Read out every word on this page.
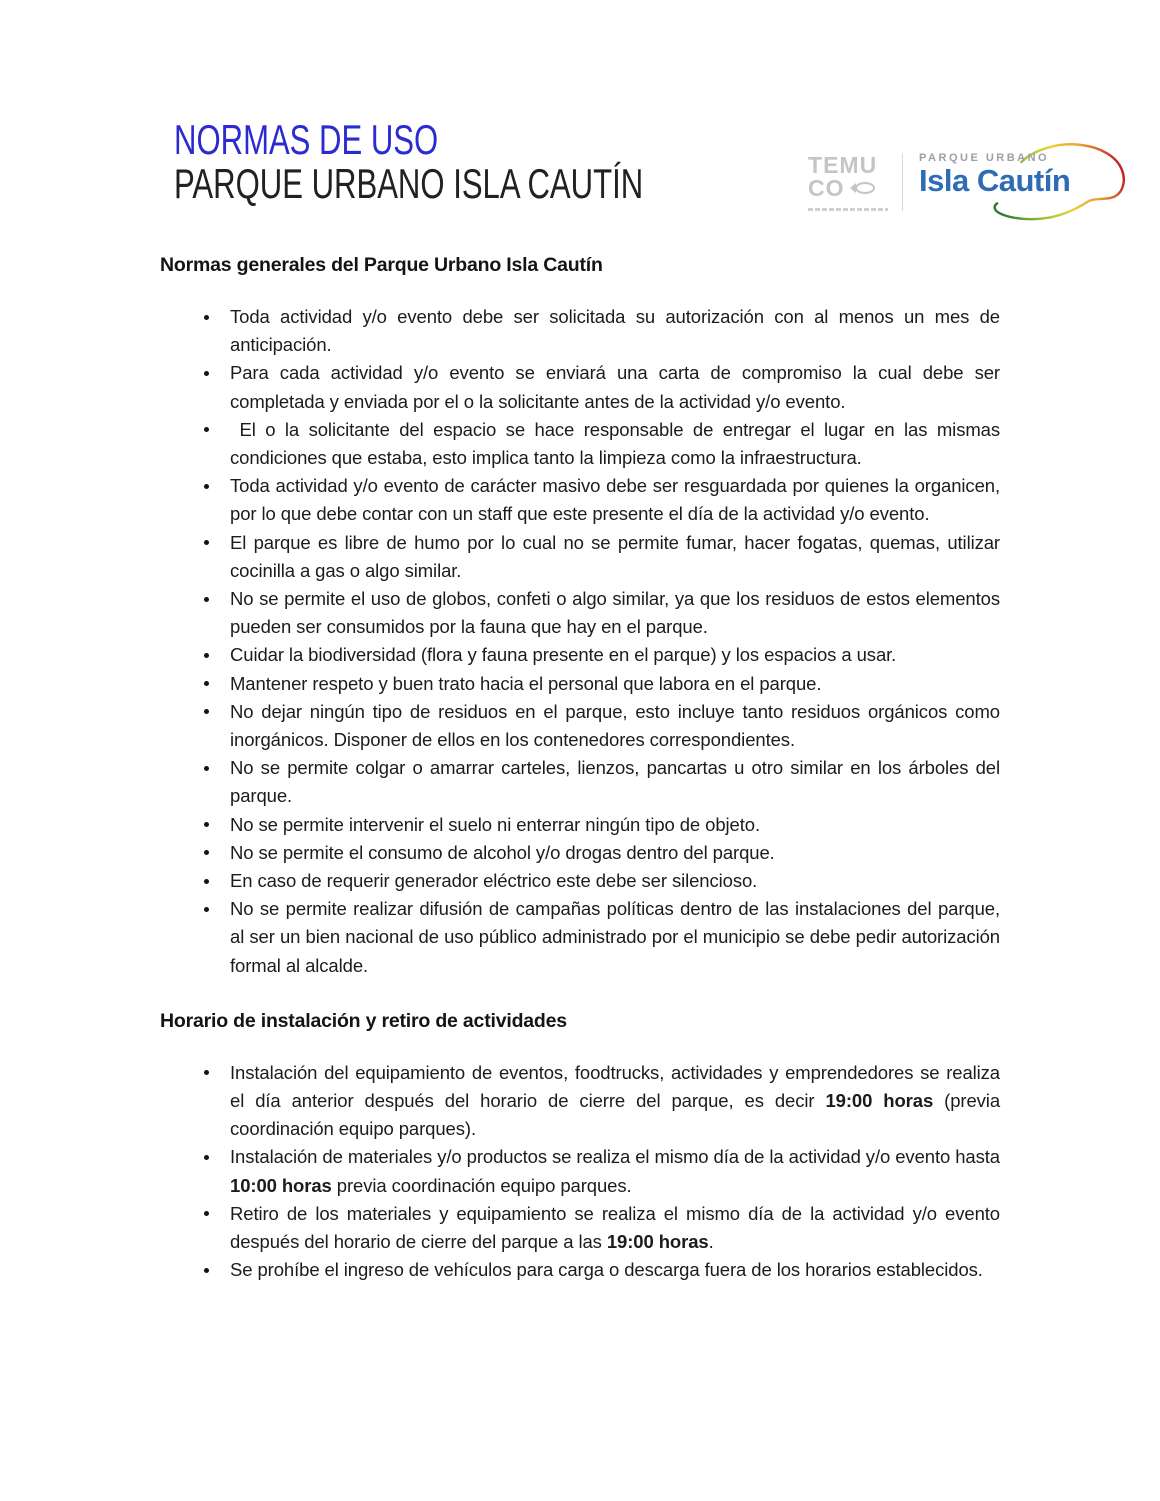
NORMAS DE USO
PARQUE URBANO ISLA CAUTÍN	TEMU
CO
PARQUE URBANO
Isla Cautín
Normas generales del Parque Urbano Isla Cautín
Toda actividad y/o evento debe ser solicitada su autorización con al menos un mes de anticipación.
Para cada actividad y/o evento se enviará una carta de compromiso la cual debe ser completada y enviada por el o la solicitante antes de la actividad y/o evento.
El o la solicitante del espacio se hace responsable de entregar el lugar en las mismas condiciones que estaba, esto implica tanto la limpieza como la infraestructura.
Toda actividad y/o evento de carácter masivo debe ser resguardada por quienes la organicen, por lo que debe contar con un staff que este presente el día de la actividad y/o evento.
El parque es libre de humo por lo cual no se permite fumar, hacer fogatas, quemas, utilizar cocinilla a gas o algo similar.
No se permite el uso de globos, confeti o algo similar, ya que los residuos de estos elementos pueden ser consumidos por la fauna que hay en el parque.
Cuidar la biodiversidad (flora y fauna presente en el parque) y los espacios a usar.
Mantener respeto y buen trato hacia el personal que labora en el parque.
No dejar ningún tipo de residuos en el parque, esto incluye tanto residuos orgánicos como inorgánicos. Disponer de ellos en los contenedores correspondientes.
No se permite colgar o amarrar carteles, lienzos, pancartas u otro similar en los árboles del parque.
No se permite intervenir el suelo ni enterrar ningún tipo de objeto.
No se permite el consumo de alcohol y/o drogas dentro del parque.
En caso de requerir generador eléctrico este debe ser silencioso.
No se permite realizar difusión de campañas políticas dentro de las instalaciones del parque, al ser un bien nacional de uso público administrado por el municipio se debe pedir autorización formal al alcalde.
Horario de instalación y retiro de actividades
Instalación del equipamiento de eventos, foodtrucks, actividades y emprendedores se realiza el día anterior después del horario de cierre del parque, es decir 19:00 horas (previa coordinación equipo parques).
Instalación de materiales y/o productos se realiza el mismo día de la actividad y/o evento hasta 10:00 horas previa coordinación equipo parques.
Retiro de los materiales y equipamiento se realiza el mismo día de la actividad y/o evento después del horario de cierre del parque a las 19:00 horas.
Se prohíbe el ingreso de vehículos para carga o descarga fuera de los horarios establecidos.
